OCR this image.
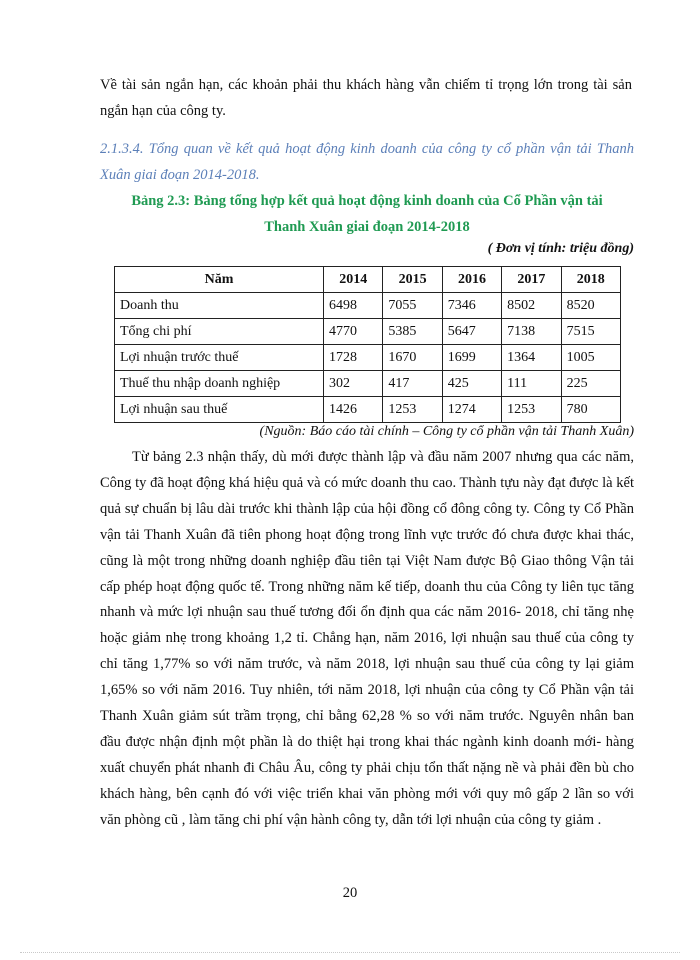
Về tài sản ngắn hạn, các khoản phải thu khách hàng vẫn chiếm tỉ trọng lớn trong tài sản ngắn hạn của công ty.

2.1.3.4. Tổng quan về kết quả hoạt động kinh doanh của công ty cổ phần vận tải Thanh Xuân giai đoạn 2014-2018.

Bảng 2.3: Bảng tổng hợp kết quả hoạt động kinh doanh của Cổ Phần vận tải
Thanh Xuân giai đoạn 2014-2018
( Đơn vị tính: triệu đồng)
Năm	2014	2015	2016	2017	2018
Doanh thu	6498	7055	7346	8502	8520
Tổng chi phí	4770	5385	5647	7138	7515
Lợi nhuận trước thuế	1728	1670	1699	1364	1005
Thuế thu nhập doanh nghiệp	302	417	425	111	225
Lợi nhuận sau thuế	1426	1253	1274	1253	780
(Nguồn: Báo cáo tài chính – Công ty cổ phần vận tải Thanh Xuân)

Từ bảng 2.3 nhận thấy, dù mới được thành lập và đầu năm 2007 nhưng qua các năm, Công ty đã hoạt động khá hiệu quả và có mức doanh thu cao. Thành tựu này đạt được là kết quả sự chuẩn bị lâu dài trước khi thành lập của hội đồng cổ đông công ty. Công ty Cổ Phần vận tải Thanh Xuân đã tiên phong hoạt động trong lĩnh vực trước đó chưa được khai thác, cũng là một trong những doanh nghiệp đầu tiên tại Việt Nam được Bộ Giao thông Vận tải cấp phép hoạt động quốc tế. Trong những năm kế tiếp, doanh thu của Công ty liên tục tăng nhanh và mức lợi nhuận sau thuế tương đối ổn định qua các năm 2016- 2018, chỉ tăng nhẹ hoặc giảm nhẹ trong khoảng 1,2 tỉ. Chẳng hạn, năm 2016, lợi nhuận sau thuế của công ty chỉ tăng 1,77% so với năm trước, và năm 2018, lợi nhuận sau thuế của công ty lại giảm 1,65% so với năm 2016. Tuy nhiên, tới năm 2018, lợi nhuận của công ty Cổ Phần vận tải Thanh Xuân giảm sút trầm trọng, chỉ bằng 62,28 % so với năm trước. Nguyên nhân ban đầu được nhận định một phần là do thiệt hại trong khai thác ngành kinh doanh mới- hàng xuất chuyển phát nhanh đi Châu Âu, công ty phải chịu tổn thất nặng nề và phải đền bù cho khách hàng, bên cạnh đó với việc triển khai văn phòng mới với quy mô gấp 2 lần so với văn phòng cũ , làm tăng chi phí vận hành công ty, dẫn tới lợi nhuận của công ty giảm .

20
